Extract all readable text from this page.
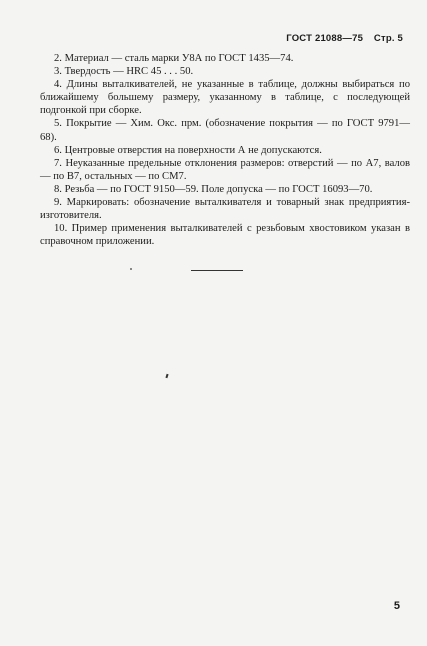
ГОСТ 21088—75 Стр. 5

2. Материал — сталь марки У8А по ГОСТ 1435—74.

3. Твердость — HRC 45 . . . 50.

4. Длины выталкивателей, не указанные в таблице, должны выбираться по ближайшему большему размеру, указанному в таблице, с последующей подгонкой при сборке.

5. Покрытие — Хим. Окс. прм. (обозначение покрытия — по ГОСТ 9791—68).

6. Центровые отверстия на поверхности А не допускаются.

7. Неуказанные предельные отклонения размеров: отверстий — по А7, валов — по В7, остальных — по СМ7.

8. Резьба — по ГОСТ 9150—59. Поле допуска — по ГОСТ 16093—70.

9. Маркировать: обозначение выталкивателя и товарный знак предприятия-изготовителя.

10. Пример применения выталкивателей с резьбовым хвостовиком указан в справочном приложении.

5
